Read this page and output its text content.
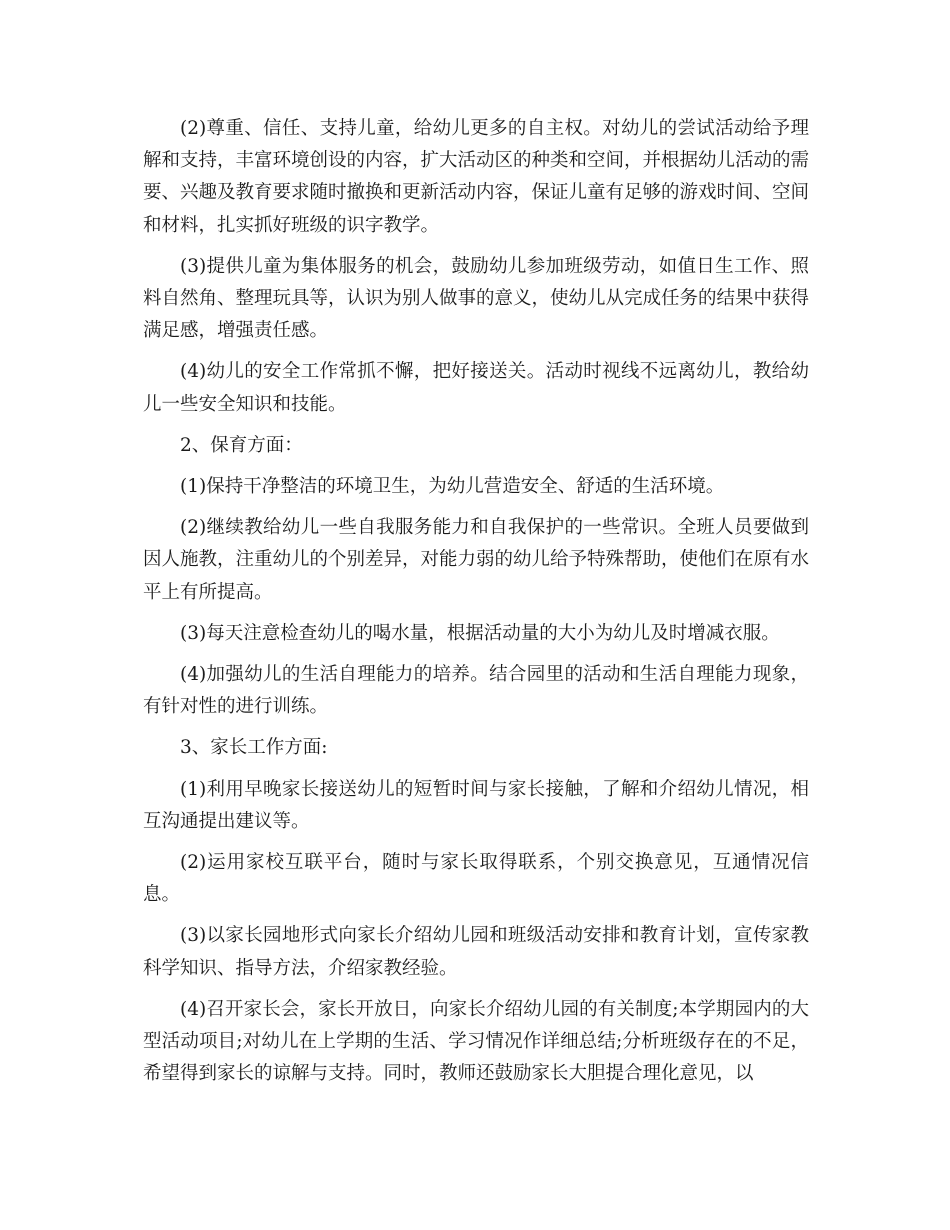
(2)尊重、信任、支持儿童，给幼儿更多的自主权。对幼儿的尝试活动给予理解和支持，丰富环境创设的内容，扩大活动区的种类和空间，并根据幼儿活动的需要、兴趣及教育要求随时撤换和更新活动内容，保证儿童有足够的游戏时间、空间和材料，扎实抓好班级的识字教学。

(3)提供儿童为集体服务的机会，鼓励幼儿参加班级劳动，如值日生工作、照料自然角、整理玩具等，认识为别人做事的意义，使幼儿从完成任务的结果中获得满足感，增强责任感。

(4)幼儿的安全工作常抓不懈，把好接送关。活动时视线不远离幼儿，教给幼儿一些安全知识和技能。

2、保育方面：

(1)保持干净整洁的环境卫生，为幼儿营造安全、舒适的生活环境。

(2)继续教给幼儿一些自我服务能力和自我保护的一些常识。全班人员要做到因人施教，注重幼儿的个别差异，对能力弱的幼儿给予特殊帮助，使他们在原有水平上有所提高。

(3)每天注意检查幼儿的喝水量，根据活动量的大小为幼儿及时增减衣服。

(4)加强幼儿的生活自理能力的培养。结合园里的活动和生活自理能力现象，有针对性的进行训练。

3、家长工作方面:

(1)利用早晚家长接送幼儿的短暂时间与家长接触，了解和介绍幼儿情况，相互沟通提出建议等。

(2)运用家校互联平台，随时与家长取得联系，个别交换意见，互通情况信息。

(3)以家长园地形式向家长介绍幼儿园和班级活动安排和教育计划，宣传家教科学知识、指导方法，介绍家教经验。

(4)召开家长会，家长开放日，向家长介绍幼儿园的有关制度;本学期园内的大型活动项目;对幼儿在上学期的生活、学习情况作详细总结;分析班级存在的不足，希望得到家长的谅解与支持。同时，教师还鼓励家长大胆提合理化意见，以
